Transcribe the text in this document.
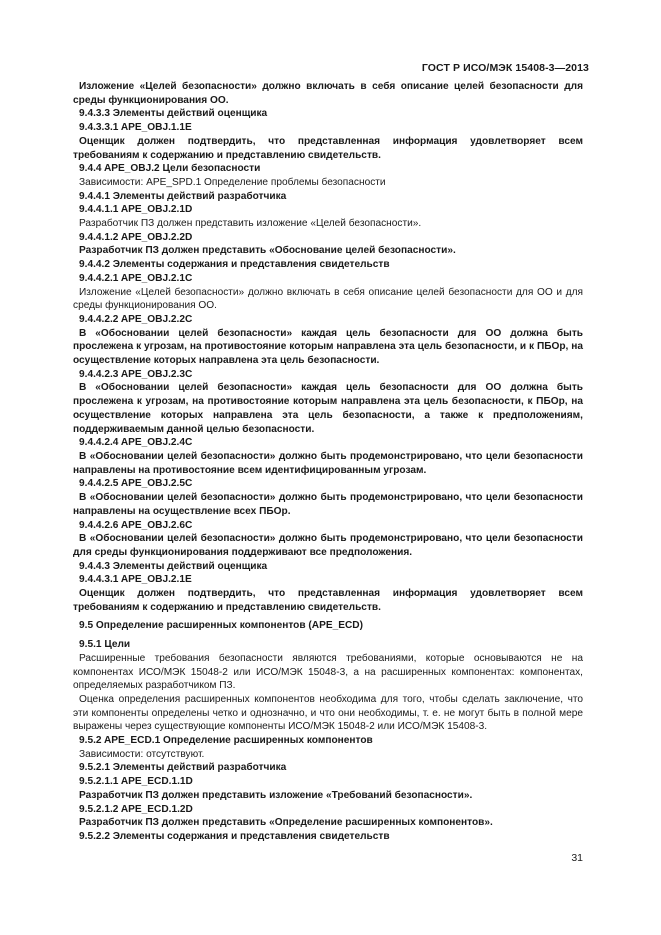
ГОСТ Р ИСО/МЭК 15408-3—2013

Изложение «Целей безопасности» должно включать в себя описание целей безопасности для среды функционирования ОО.

9.4.3.3 Элементы действий оценщика

9.4.3.3.1 APE_OBJ.1.1E

Оценщик должен подтвердить, что представленная информация удовлетворяет всем требованиям к содержанию и представлению свидетельств.

9.4.4 APE_OBJ.2 Цели безопасности

Зависимости: APE_SPD.1 Определение проблемы безопасности

9.4.4.1 Элементы действий разработчика

9.4.4.1.1 APE_OBJ.2.1D

Разработчик ПЗ должен представить изложение «Целей безопасности».

9.4.4.1.2 APE_OBJ.2.2D

Разработчик ПЗ должен представить «Обоснование целей безопасности».

9.4.4.2 Элементы содержания и представления свидетельств

9.4.4.2.1 APE_OBJ.2.1C

Изложение «Целей безопасности» должно включать в себя описание целей безопасности для ОО и для среды функционирования ОО.

9.4.4.2.2 APE_OBJ.2.2C

В «Обосновании целей безопасности» каждая цель безопасности для ОО должна быть прослежена к угрозам, на противостояние которым направлена эта цель безопасности, и к ПБОр, на осуществление которых направлена эта цель безопасности.

9.4.4.2.3 APE_OBJ.2.3C

В «Обосновании целей безопасности» каждая цель безопасности для ОО должна быть прослежена к угрозам, на противостояние которым направлена эта цель безопасности, к ПБОр, на осуществление которых направлена эта цель безопасности, а также к предположениям, поддерживаемым данной целью безопасности.

9.4.4.2.4 APE_OBJ.2.4C

В «Обосновании целей безопасности» должно быть продемонстрировано, что цели безопасности направлены на противостояние всем идентифицированным угрозам.

9.4.4.2.5 APE_OBJ.2.5C

В «Обосновании целей безопасности» должно быть продемонстрировано, что цели безопасности направлены на осуществление всех ПБОр.

9.4.4.2.6 APE_OBJ.2.6C

В «Обосновании целей безопасности» должно быть продемонстрировано, что цели безопасности для среды функционирования поддерживают все предположения.

9.4.4.3 Элементы действий оценщика

9.4.4.3.1 APE_OBJ.2.1E

Оценщик должен подтвердить, что представленная информация удовлетворяет всем требованиям к содержанию и представлению свидетельств.

9.5 Определение расширенных компонентов (APE_ECD)

9.5.1 Цели

Расширенные требования безопасности являются требованиями, которые основываются не на компонентах ИСО/МЭК 15048-2 или ИСО/МЭК 15048-3, а на расширенных компонентах: компонентах, определяемых разработчиком ПЗ.

Оценка определения расширенных компонентов необходима для того, чтобы сделать заключение, что эти компоненты определены четко и однозначно, и что они необходимы, т. е. не могут быть в полной мере выражены через существующие компоненты ИСО/МЭК 15048-2 или ИСО/МЭК 15408-3.

9.5.2 APE_ECD.1 Определение расширенных компонентов

Зависимости: отсутствуют.

9.5.2.1 Элементы действий разработчика

9.5.2.1.1 APE_ECD.1.1D

Разработчик ПЗ должен представить изложение «Требований безопасности».

9.5.2.1.2 APE_ECD.1.2D

Разработчик ПЗ должен представить «Определение расширенных компонентов».

9.5.2.2 Элементы содержания и представления свидетельств

31
